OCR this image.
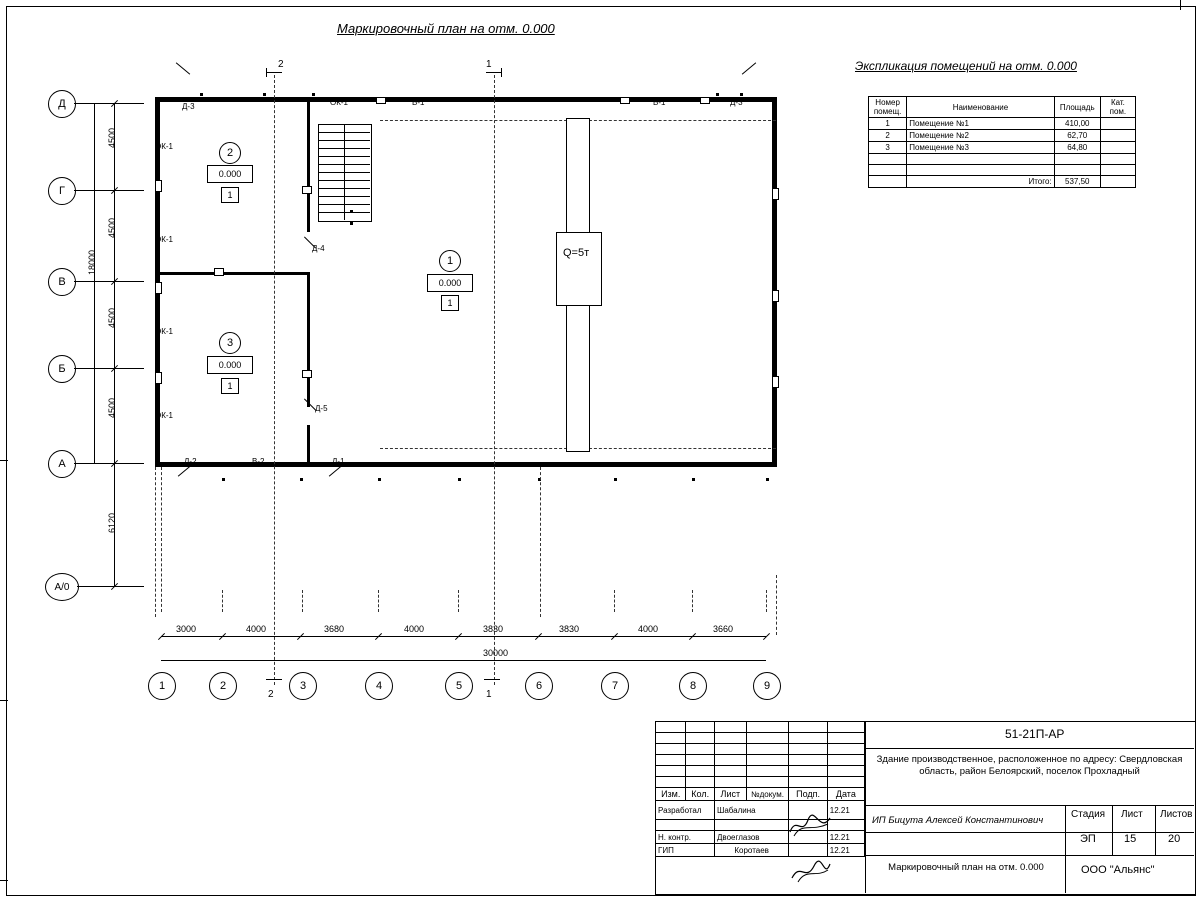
Маркировочный план на отм. 0.000
Экспликация помещений на отм. 0.000
Номер помещ.	Наименование	Площадь	Кат. пом.
1	Помещение №1	410,00	
2	Помещение №2	62,70	
3	Помещение №3	64,80	

	Итого:	537,50	
Д
Г
В
Б
А
А/0
18000
4500
4500
4500
4500
6120
Q=5т
Д-3
ОК-1
ОК-1
ОК-1
ОК-1
ОК-1	В-1	В-1	Д-3
Д-4
Д-5
Д-2	В-2	Д-1
2
0.000
1
1
0.000
1
3
0.000
1
2	1
2	1
3000	4000	3680	4000	3830	3830	4000	3660
30000
1	2	3	4	5	6	7	8	9

Изм.	Кол.	Лист	№докум.	Подп.	Дата
Разработал		Шабалина			12.21

Н. контр.		Двоеглазов			12.21
ГИП		Коротаев			12.21
51-21П-АР
Здание производственное, расположенное по адресу: Свердловская область, район Белоярский, поселок Прохладный
ИП Бицута Алексей Константинович
Маркировочный план на отм. 0.000
Стадия Лист Листов
ЭП	15	20
ООО "Альянс"
